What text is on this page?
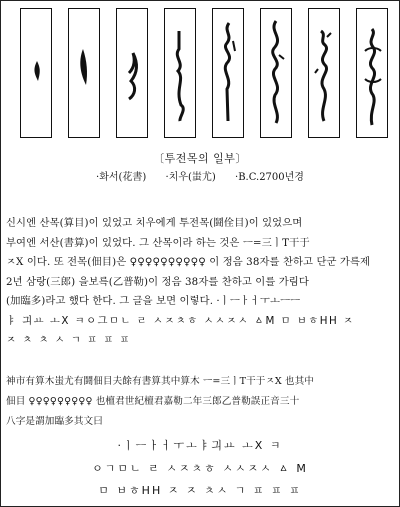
〔투전목의 일부〕
·화서(花書) ·치우(蚩尤) ·B.C.2700년경
신시엔 산목(算目)이 있었고 치우에게 투전목(鬪佺目)이 있었으며
부여엔 서산(書算)이 있었다. 그 산목이라 하는 것은 ㅡ=三ㅣT干于
ㅈX 이다. 또 전목(佃目)은 ♀♀♀♀♀♀♀♀♀♀ 이 정음 38자를 찬하고 단군 가륵제
2년 삼랑(三郎) 을보륵(乙普勒)이 정음 38자를 찬하고 이를 가림다
(加臨多)라고 했다 한다. 그 글을 보면 이렇다. ·ㅣㅡㅏㅓㅜㅗㅡㅡ
ㅑ 긔ㅛ ㅗX ㅋㅇ그ㅁㄴ ㄹ ㅅㅈㅊㅎ ㅅㅅㅈㅅ ㅿM ㅁ ㅂㅎHH ㅈ
ㅈ ㅊ ㅊ ㅅ ㄱ ㅍ ㅍ ㅍ
神市有算木蚩尤有鬪佃目夫餘有書算其中算木 ㅡ=三ㅣT干于ㅈX 也其中
佃目 ♀♀♀♀♀♀♀♀♀ 也檀君世紀檀君嘉勒二年三郎乙普勒誤正音三十
八字是謂加臨多其文曰
·ㅣㅡㅏㅓㅜㅗㅑ긔ㅛ ㅗX ㅋ
ㅇㄱㅁㄴ ㄹ ㅅㅈㅊㅎ ㅅㅅㅈㅅ ㅿ M
ㅁ ㅂㅎHH ㅈ ㅈ ㅊㅅ ㄱ ㅍ ㅍ ㅍ
